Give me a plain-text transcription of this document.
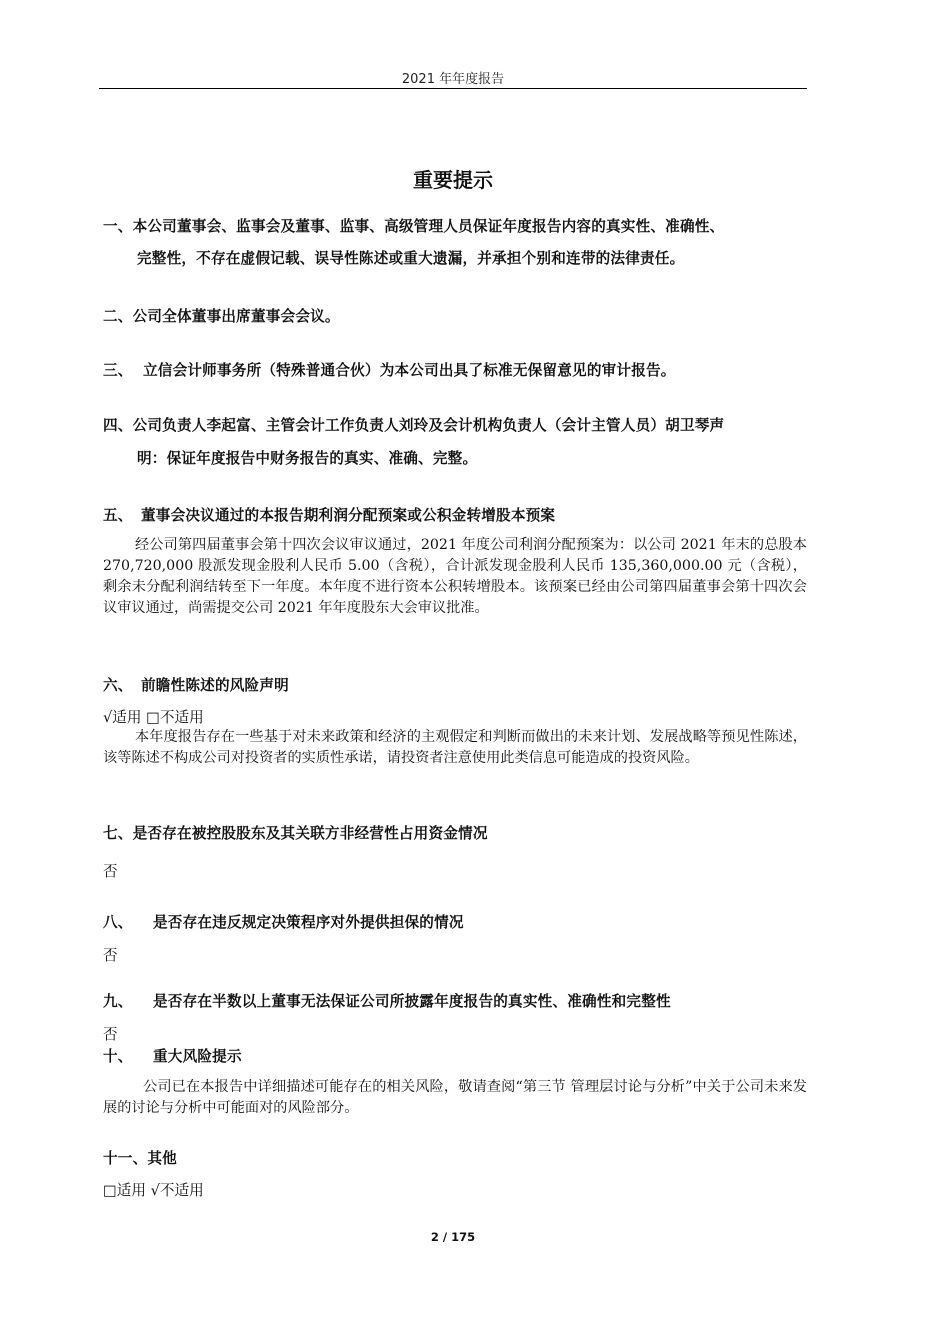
2021 年年度报告
重要提示
一、本公司董事会、监事会及董事、监事、高级管理人员保证年度报告内容的真实性、准确性、
完整性，不存在虚假记载、误导性陈述或重大遗漏，并承担个别和连带的法律责任。
二、公司全体董事出席董事会会议。
三、 立信会计师事务所（特殊普通合伙）为本公司出具了标准无保留意见的审计报告。
四、公司负责人李起富、主管会计工作负责人刘玲及会计机构负责人（会计主管人员）胡卫琴声
明：保证年度报告中财务报告的真实、准确、完整。
五、 董事会决议通过的本报告期利润分配预案或公积金转增股本预案
经公司第四届董事会第十四次会议审议通过，2021 年度公司利润分配预案为：以公司 2021 年末的总股本 270,720,000 股派发现金股利人民币 5.00（含税），合计派发现金股利人民币 135,360,000.00 元（含税），剩余未分配利润结转至下一年度。本年度不进行资本公积转增股本。该预案已经由公司第四届董事会第十四次会议审议通过，尚需提交公司 2021 年年度股东大会审议批准。
六、 前瞻性陈述的风险声明
√适用 □不适用
本年度报告存在一些基于对未来政策和经济的主观假定和判断而做出的未来计划、发展战略等预见性陈述，该等陈述不构成公司对投资者的实质性承诺，请投资者注意使用此类信息可能造成的投资风险。
七、是否存在被控股股东及其关联方非经营性占用资金情况
否
八、 是否存在违反规定决策程序对外提供担保的情况
否
九、 是否存在半数以上董事无法保证公司所披露年度报告的真实性、准确性和完整性
否
十、 重大风险提示
公司已在本报告中详细描述可能存在的相关风险，敬请查阅“第三节 管理层讨论与分析”中关于公司未来发展的讨论与分析中可能面对的风险部分。
十一、其他
□适用 √不适用
2 / 175
